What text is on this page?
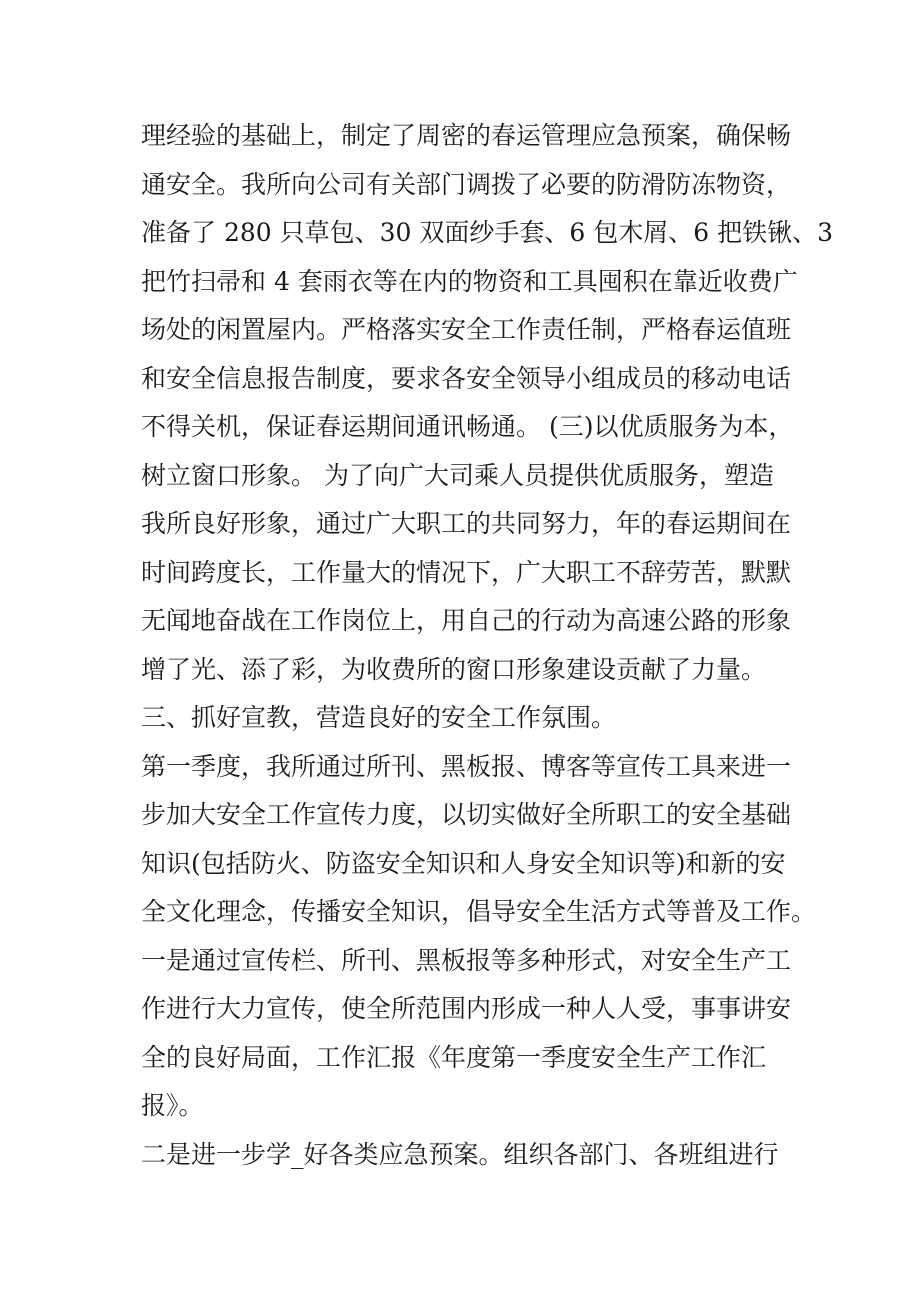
理经验的基础上，制定了周密的春运管理应急预案，确保畅
通安全。我所向公司有关部门调拨了必要的防滑防冻物资，
准备了 280 只草包、30 双面纱手套、6 包木屑、6 把铁锹、3
把竹扫帚和 4 套雨衣等在内的物资和工具囤积在靠近收费广
场处的闲置屋内。严格落实安全工作责任制，严格春运值班
和安全信息报告制度，要求各安全领导小组成员的移动电话
不得关机，保证春运期间通讯畅通。 (三)以优质服务为本，
树立窗口形象。 为了向广大司乘人员提供优质服务，塑造
我所良好形象，通过广大职工的共同努力，年的春运期间在
时间跨度长，工作量大的情况下，广大职工不辞劳苦，默默
无闻地奋战在工作岗位上，用自己的行动为高速公路的形象
增了光、添了彩，为收费所的窗口形象建设贡献了力量。

三、抓好宣教，营造良好的安全工作氛围。

第一季度，我所通过所刊、黑板报、博客等宣传工具来进一
步加大安全工作宣传力度，以切实做好全所职工的安全基础
知识(包括防火、防盗安全知识和人身安全知识等)和新的安
全文化理念，传播安全知识，倡导安全生活方式等普及工作。
一是通过宣传栏、所刊、黑板报等多种形式，对安全生产工
作进行大力宣传，使全所范围内形成一种人人受，事事讲安
全的良好局面，工作汇报《年度第一季度安全生产工作汇
报》。

二是进一步学_好各类应急预案。组织各部门、各班组进行
